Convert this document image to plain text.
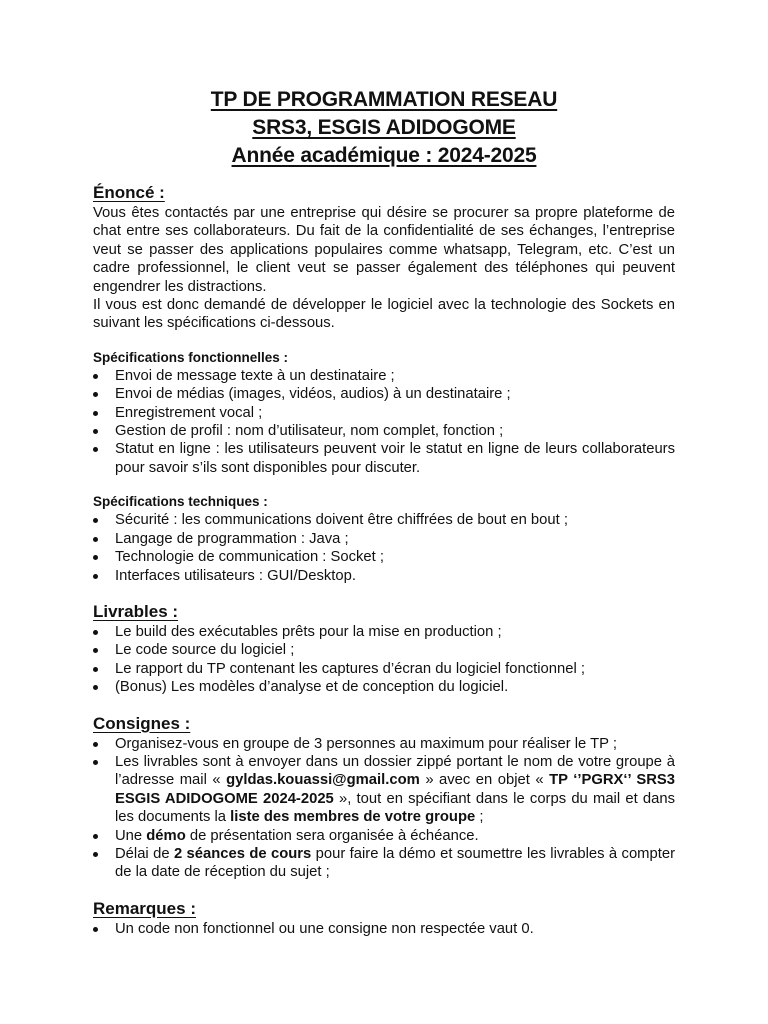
TP DE PROGRAMMATION RESEAU
SRS3, ESGIS ADIDOGOME
Année académique : 2024-2025
Énoncé :

Vous êtes contactés par une entreprise qui désire se procurer sa propre plateforme de chat entre ses collaborateurs. Du fait de la confidentialité de ses échanges, l’entreprise veut se passer des applications populaires comme whatsapp, Telegram, etc. C’est un cadre professionnel, le client veut se passer également des téléphones qui peuvent engendrer les distractions.

Il vous est donc demandé de développer le logiciel avec la technologie des Sockets en suivant les spécifications ci-dessous.

Spécifications fonctionnelles :
Envoi de message texte à un destinataire ;
Envoi de médias (images, vidéos, audios) à un destinataire ;
Enregistrement vocal ;
Gestion de profil : nom d’utilisateur, nom complet, fonction ;
Statut en ligne : les utilisateurs peuvent voir le statut en ligne de leurs collaborateurs pour savoir s’ils sont disponibles pour discuter.
Spécifications techniques :
Sécurité : les communications doivent être chiffrées de bout en bout ;
Langage de programmation : Java ;
Technologie de communication : Socket ;
Interfaces utilisateurs : GUI/Desktop.
Livrables :
Le build des exécutables prêts pour la mise en production ;
Le code source du logiciel ;
Le rapport du TP contenant les captures d’écran du logiciel fonctionnel ;
(Bonus) Les modèles d’analyse et de conception du logiciel.
Consignes :
Organisez-vous en groupe de 3 personnes au maximum pour réaliser le TP ;
Les livrables sont à envoyer dans un dossier zippé portant le nom de votre groupe à l’adresse mail « gyldas.kouassi@gmail.com » avec en objet « TP ‘’PGRX‘’ SRS3 ESGIS ADIDOGOME 2024-2025 », tout en spécifiant dans le corps du mail et dans les documents la liste des membres de votre groupe ;
Une démo de présentation sera organisée à échéance.
Délai de 2 séances de cours pour faire la démo et soumettre les livrables à compter de la date de réception du sujet ;
Remarques :
Un code non fonctionnel ou une consigne non respectée vaut 0.
